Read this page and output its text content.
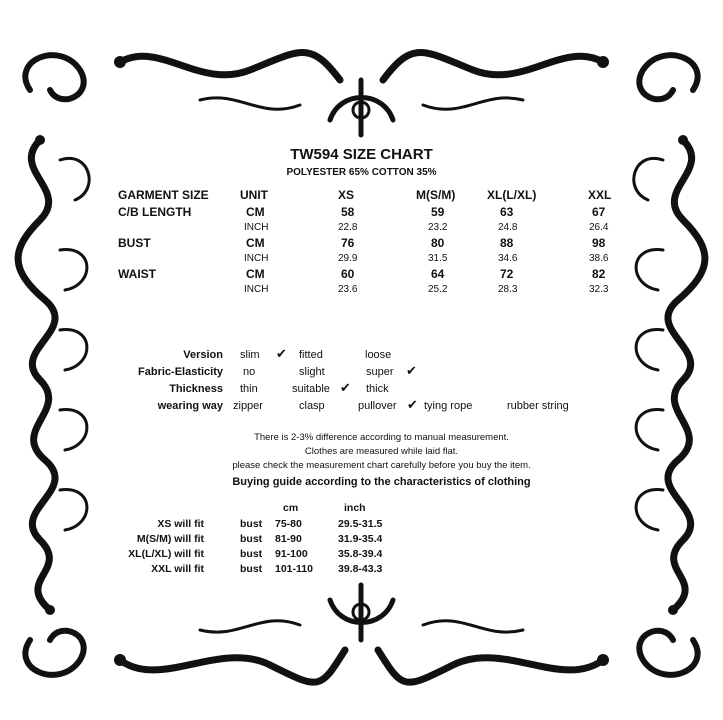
TW594 SIZE CHART
POLYESTER 65% COTTON 35%
GARMENT SIZE	UNIT	XS	M(S/M)	XL(L/XL)	XXL
C/B LENGTH	CM	58	59	63	67
INCH	22.8	23.2	24.8	26.4
BUST	CM	76	80	88	98
INCH	29.9	31.5	34.6	38.6
WAIST	CM	60	64	72	82
INCH	23.6	25.2	28.3	32.3
Version slim ✔ fitted	loose
Fabric-Elasticity no	slight	super ✔
Thickness thin	suitable ✔ thick
wearing way zipper	clasp	pullover ✔ tying rope	rubber string
There is 2-3% difference according to manual measurement.
Clothes are measured while laid flat.
please check the measurement chart carefully before you buy the item.
Buying guide according to the characteristics of clothing
cm	inch
XS will fit	bust 75-80	29.5-31.5
M(S/M) will fit	bust 81-90	31.9-35.4
XL(L/XL) will fit	bust 91-100	35.8-39.4
XXL will fit	bust 101-110 39.8-43.3
